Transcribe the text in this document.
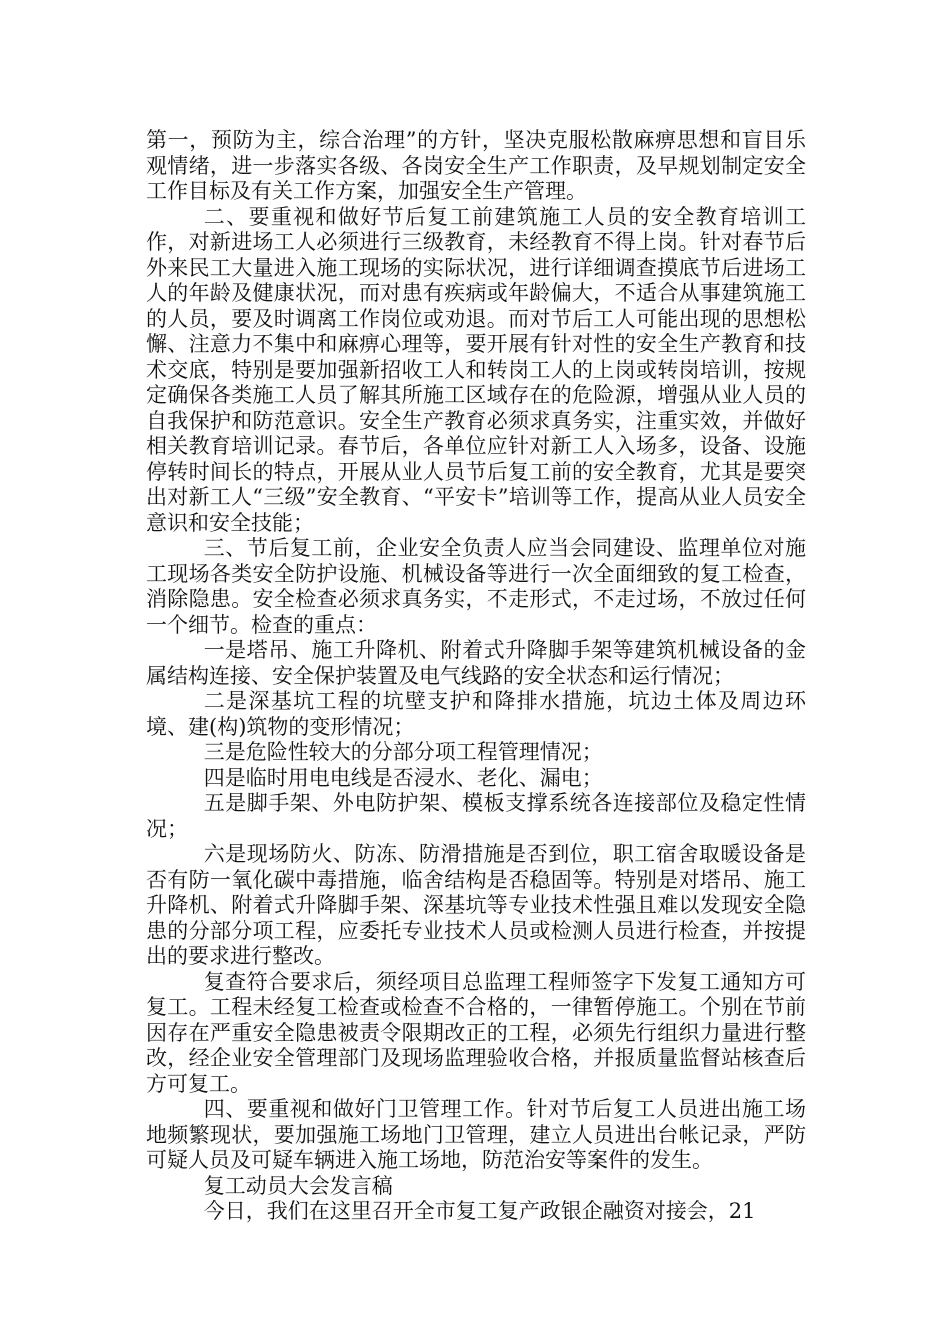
第一，预防为主，综合治理”的方针，坚决克服松散麻痹思想和盲目乐观情绪，进一步落实各级、各岗安全生产工作职责，及早规划制定安全工作目标及有关工作方案，加强安全生产管理。

二、要重视和做好节后复工前建筑施工人员的安全教育培训工作，对新进场工人必须进行三级教育，未经教育不得上岗。针对春节后外来民工大量进入施工现场的实际状况，进行详细调查摸底节后进场工人的年龄及健康状况，而对患有疾病或年龄偏大，不适合从事建筑施工的人员，要及时调离工作岗位或劝退。而对节后工人可能出现的思想松懈、注意力不集中和麻痹心理等，要开展有针对性的安全生产教育和技术交底，特别是要加强新招收工人和转岗工人的上岗或转岗培训，按规定确保各类施工人员了解其所施工区域存在的危险源，增强从业人员的自我保护和防范意识。安全生产教育必须求真务实，注重实效，并做好相关教育培训记录。春节后，各单位应针对新工人入场多，设备、设施停转时间长的特点，开展从业人员节后复工前的安全教育，尤其是要突出对新工人“三级”安全教育、“平安卡”培训等工作，提高从业人员安全意识和安全技能；

三、节后复工前，企业安全负责人应当会同建设、监理单位对施工现场各类安全防护设施、机械设备等进行一次全面细致的复工检查，消除隐患。安全检查必须求真务实，不走形式，不走过场，不放过任何一个细节。检查的重点：

一是塔吊、施工升降机、附着式升降脚手架等建筑机械设备的金属结构连接、安全保护装置及电气线路的安全状态和运行情况；

二是深基坑工程的坑壁支护和降排水措施，坑边土体及周边环境、建(构)筑物的变形情况；

三是危险性较大的分部分项工程管理情况；

四是临时用电电线是否浸水、老化、漏电；

五是脚手架、外电防护架、模板支撑系统各连接部位及稳定性情况；

六是现场防火、防冻、防滑措施是否到位，职工宿舍取暖设备是否有防一氧化碳中毒措施，临舍结构是否稳固等。特别是对塔吊、施工升降机、附着式升降脚手架、深基坑等专业技术性强且难以发现安全隐患的分部分项工程，应委托专业技术人员或检测人员进行检查，并按提出的要求进行整改。

复查符合要求后，须经项目总监理工程师签字下发复工通知方可复工。工程未经复工检查或检查不合格的，一律暂停施工。个别在节前因存在严重安全隐患被责令限期改正的工程，必须先行组织力量进行整改，经企业安全管理部门及现场监理验收合格，并报质量监督站核查后方可复工。

四、要重视和做好门卫管理工作。针对节后复工人员进出施工场地频繁现状，要加强施工场地门卫管理，建立人员进出台帐记录，严防可疑人员及可疑车辆进入施工场地，防范治安等案件的发生。

复工动员大会发言稿

今日，我们在这里召开全市复工复产政银企融资对接会，21
